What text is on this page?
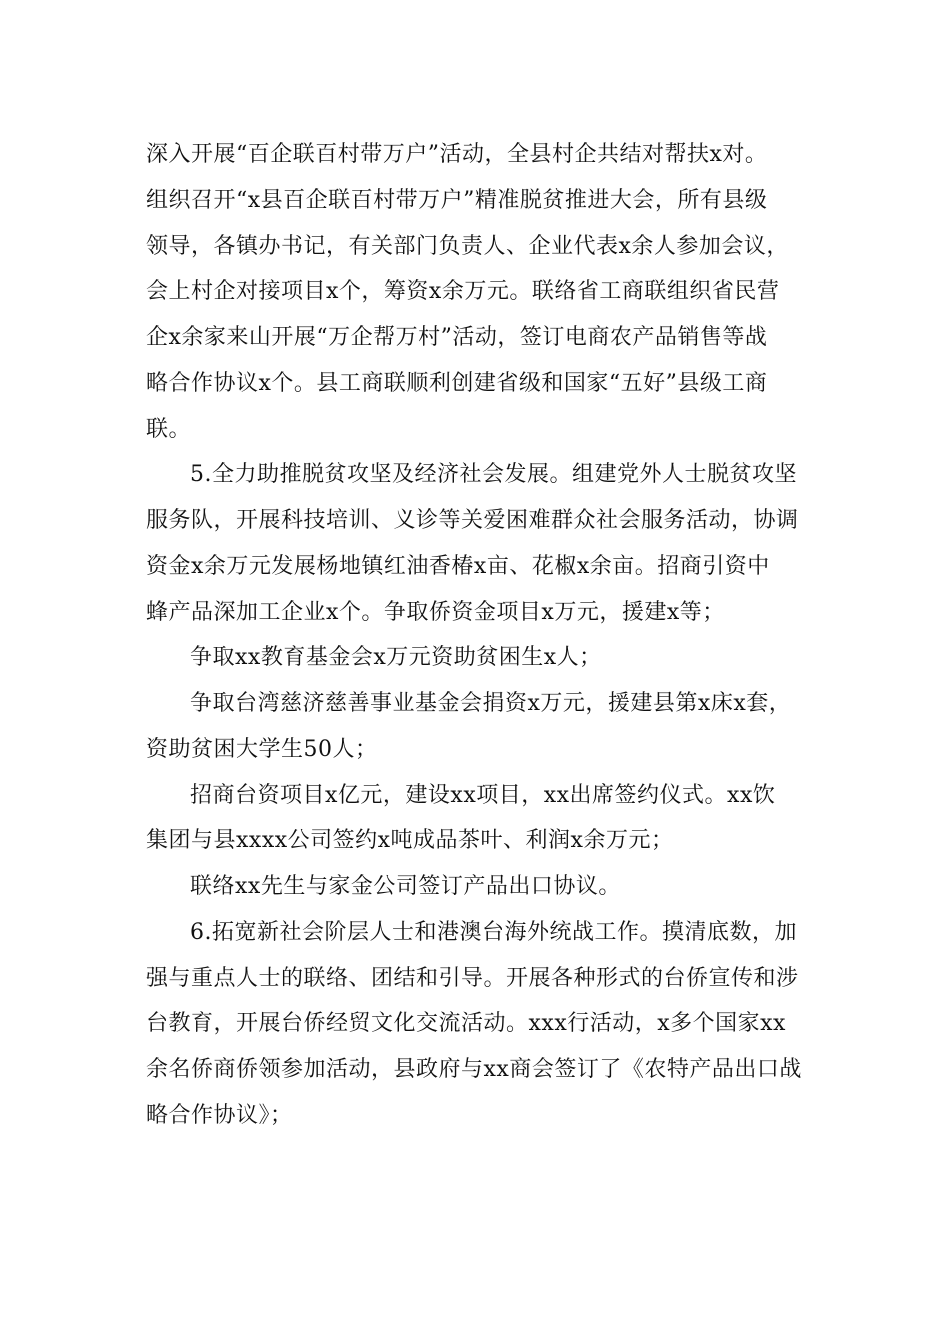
深入开展“百企联百村带万户”活动，全县村企共结对帮扶x对。
组织召开“x县百企联百村带万户”精准脱贫推进大会，所有县级
领导，各镇办书记，有关部门负责人、企业代表x余人参加会议，
会上村企对接项目x个，筹资x余万元。联络省工商联组织省民营
企x余家来山开展“万企帮万村”活动，签订电商农产品销售等战
略合作协议x个。县工商联顺利创建省级和国家“五好”县级工商
联。
5.全力助推脱贫攻坚及经济社会发展。组建党外人士脱贫攻坚
服务队，开展科技培训、义诊等关爱困难群众社会服务活动，协调
资金x余万元发展杨地镇红油香椿x亩、花椒x余亩。招商引资中
蜂产品深加工企业x个。争取侨资金项目x万元，援建x等；
争取xx教育基金会x万元资助贫困生x人；
争取台湾慈济慈善事业基金会捐资x万元，援建县第x床x套，
资助贫困大学生50人；
招商台资项目x亿元，建设xx项目，xx出席签约仪式。xx饮
集团与县xxxx公司签约x吨成品茶叶、利润x余万元；
联络xx先生与家金公司签订产品出口协议。
6.拓宽新社会阶层人士和港澳台海外统战工作。摸清底数，加
强与重点人士的联络、团结和引导。开展各种形式的台侨宣传和涉
台教育，开展台侨经贸文化交流活动。xxx行活动，x多个国家xx
余名侨商侨领参加活动，县政府与xx商会签订了《农特产品出口战
略合作协议》；
